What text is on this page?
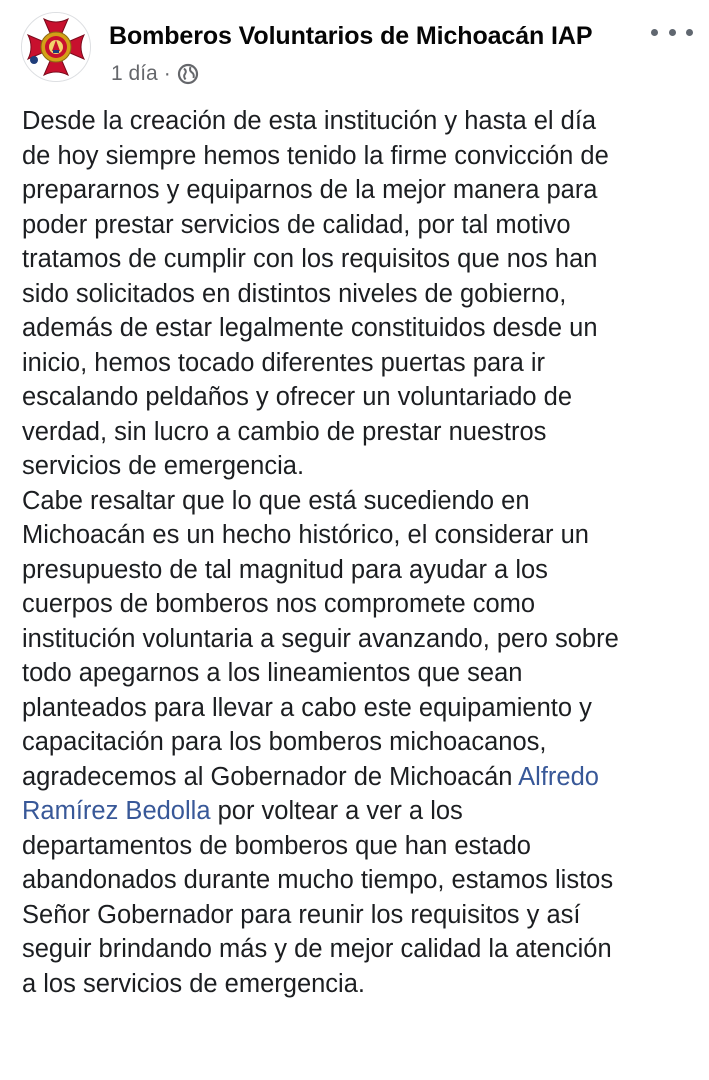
Bomberos Voluntarios de Michoacán IAP
1 día ·
Desde la creación de esta institución y hasta el día
de hoy siempre hemos tenido la firme convicción de
prepararnos y equiparnos de la mejor manera para
poder prestar servicios de calidad, por tal motivo
tratamos de cumplir con los requisitos que nos han
sido solicitados en distintos niveles de gobierno,
además de estar legalmente constituidos desde un
inicio, hemos tocado diferentes puertas para ir
escalando peldaños y ofrecer un voluntariado de
verdad, sin lucro a cambio de prestar nuestros
servicios de emergencia.
Cabe resaltar que lo que está sucediendo en
Michoacán es un hecho histórico, el considerar un
presupuesto de tal magnitud para ayudar a los
cuerpos de bomberos nos compromete como
institución voluntaria a seguir avanzando, pero sobre
todo apegarnos a los lineamientos que sean
planteados para llevar a cabo este equipamiento y
capacitación para los bomberos michoacanos,
agradecemos al Gobernador de Michoacán Alfredo
Ramírez Bedolla por voltear a ver a los
departamentos de bomberos que han estado
abandonados durante mucho tiempo, estamos listos
Señor Gobernador para reunir los requisitos y así
seguir brindando más y de mejor calidad la atención
a los servicios de emergencia.
